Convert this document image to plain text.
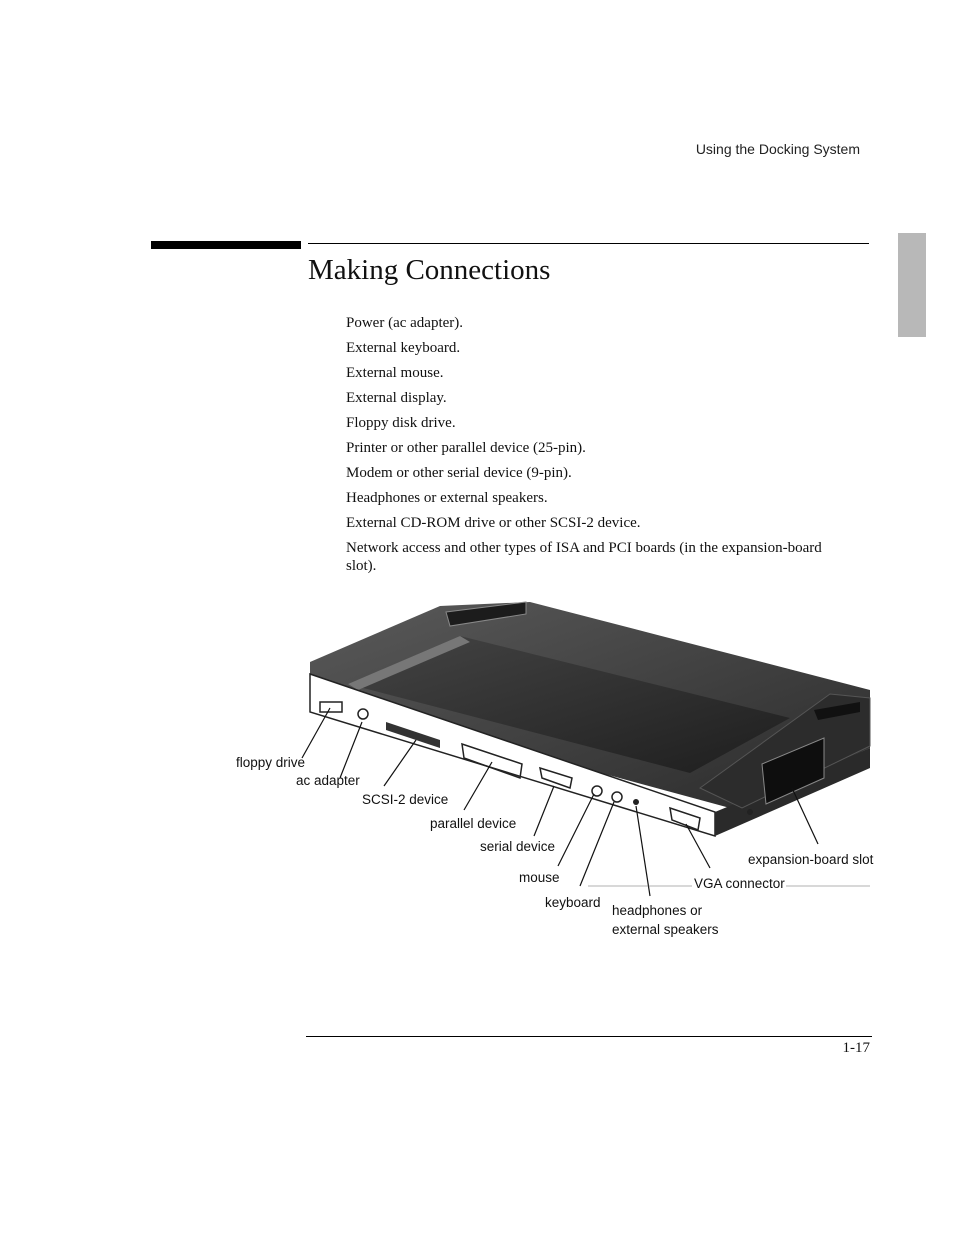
Using the Docking System
Making Connections
Power (ac adapter).
External keyboard.
External mouse.
External display.
Floppy disk drive.
Printer or other parallel device (25-pin).
Modem or other serial device (9-pin).
Headphones or external speakers.
External CD-ROM drive or other SCSI-2 device.
Network access and other types of ISA and PCI boards (in the expansion-board slot).
floppy drive
ac adapter
SCSI-2 device
parallel device
serial device
mouse
keyboard
headphones or
external speakers
VGA connector
expansion-board slot
1-17
